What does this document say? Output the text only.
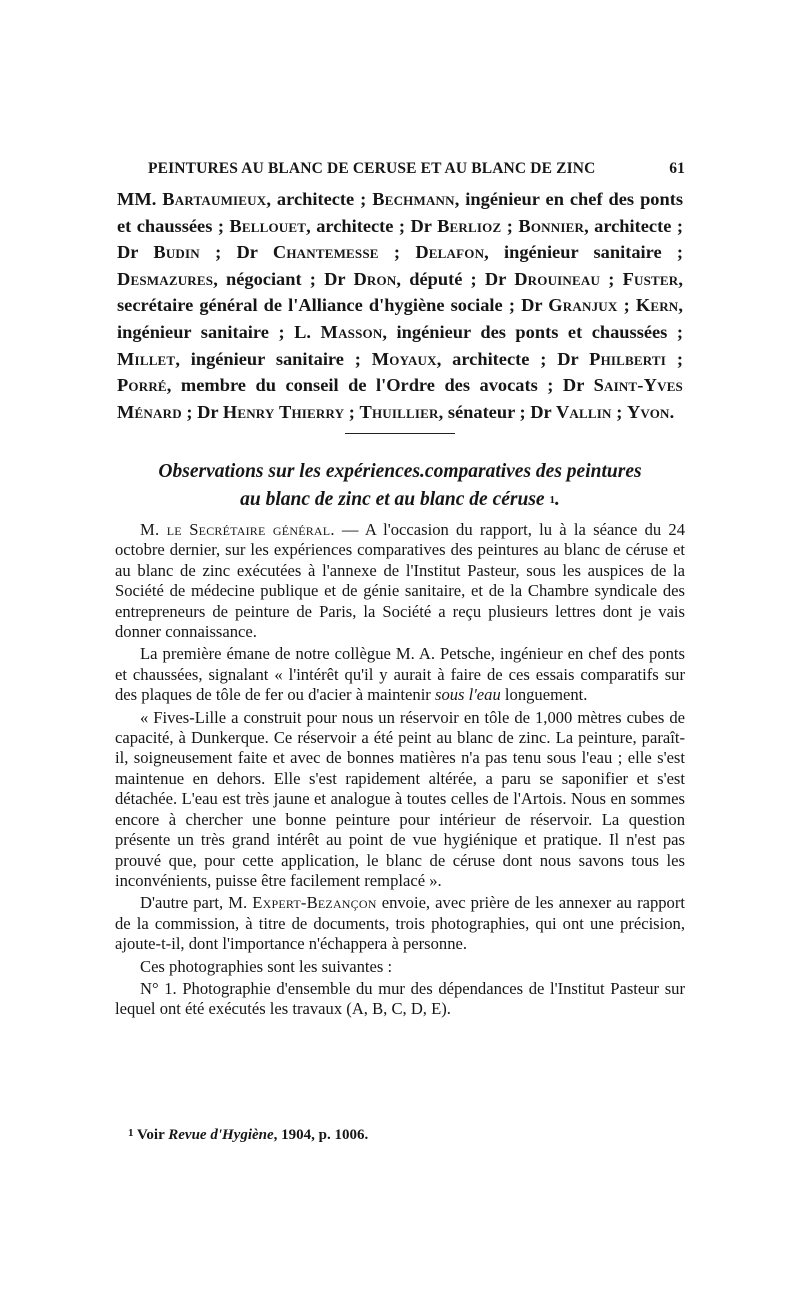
PEINTURES AU BLANC DE CERUSE ET AU BLANC DE ZINC	61

MM. Bartaumieux, architecte ; Bechmann, ingénieur en chef des ponts et chaussées ; Bellouet, architecte ; Dr Berlioz ; Bonnier, architecte ; Dr Budin ; Dr Chantemesse ; Delafon, ingénieur sanitaire ; Desmazures, négociant ; Dr Dron, député ; Dr Drouineau ; Fuster, secrétaire général de l'Alliance d'hygiène sociale ; Dr Granjux ; Kern, ingénieur sanitaire ; L. Masson, ingénieur des ponts et chaussées ; Millet, ingénieur sanitaire ; Moyaux, architecte ; Dr Philberti ; Porré, membre du conseil de l'Ordre des avocats ; Dr Saint-Yves Ménard ; Dr Henry Thierry ; Thuillier, sénateur ; Dr Vallin ; Yvon.

Observations sur les expériences.comparatives des peintures
au blanc de zinc et au blanc de céruse $^1$.

M. le Secrétaire général. — A l'occasion du rapport, lu à la séance du 24 octobre dernier, sur les expériences comparatives des peintures au blanc de céruse et au blanc de zinc exécutées à l'annexe de l'Institut Pasteur, sous les auspices de la Société de médecine publique et de génie sanitaire, et de la Chambre syndicale des entrepreneurs de peinture de Paris, la Société a reçu plusieurs lettres dont je vais donner connaissance.

La première émane de notre collègue M. A. Petsche, ingénieur en chef des ponts et chaussées, signalant « l'intérêt qu'il y aurait à faire de ces essais comparatifs sur des plaques de tôle de fer ou d'acier à maintenir sous l'eau longuement.

« Fives-Lille a construit pour nous un réservoir en tôle de 1,000 mètres cubes de capacité, à Dunkerque. Ce réservoir a été peint au blanc de zinc. La peinture, paraît-il, soigneusement faite et avec de bonnes matières n'a pas tenu sous l'eau ; elle s'est maintenue en dehors. Elle s'est rapidement altérée, a paru se saponifier et s'est détachée. L'eau est très jaune et analogue à toutes celles de l'Artois. Nous en sommes encore à chercher une bonne peinture pour intérieur de réservoir. La question présente un très grand intérêt au point de vue hygiénique et pratique. Il n'est pas prouvé que, pour cette application, le blanc de céruse dont nous savons tous les inconvénients, puisse être facilement remplacé ».

D'autre part, M. Expert-Bezançon envoie, avec prière de les annexer au rapport de la commission, à titre de documents, trois photographies, qui ont une précision, ajoute-t-il, dont l'importance n'échappera à personne.

Ces photographies sont les suivantes :

N° 1. Photographie d'ensemble du mur des dépendances de l'Institut Pasteur sur lequel ont été exécutés les travaux (A, B, C, D, E).

$^1$ Voir Revue d'Hygiène, 1904, p. 1006.
